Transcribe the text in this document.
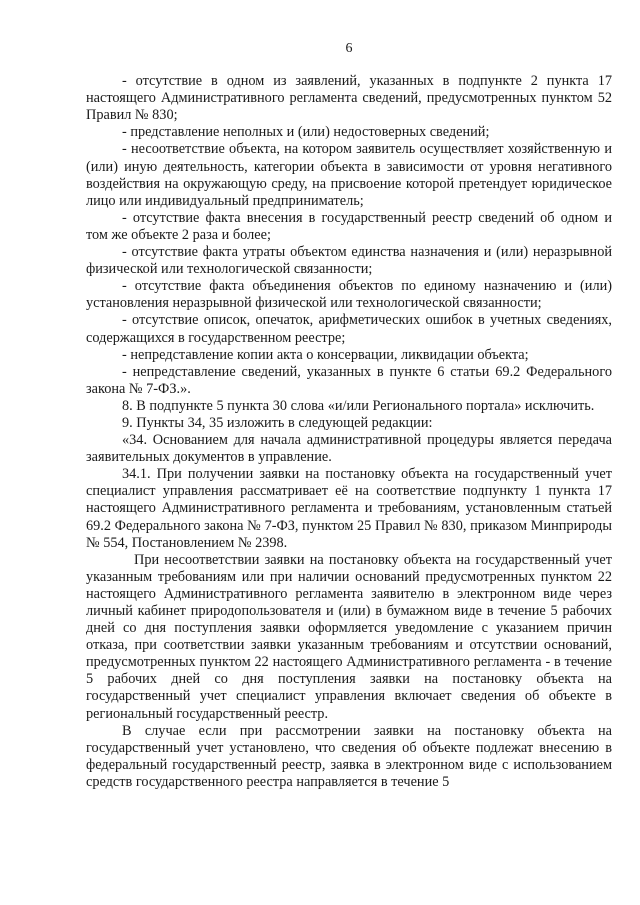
6

- отсутствие в одном из заявлений, указанных в подпункте 2 пункта 17 настоящего Административного регламента сведений, предусмотренных пунктом 52 Правил № 830;

- представление неполных и (или) недостоверных сведений;

- несоответствие объекта, на котором заявитель осуществляет хозяйственную и (или) иную деятельность, категории объекта в зависимости от уровня негативного воздействия на окружающую среду, на присвоение которой претендует юридическое лицо или индивидуальный предприниматель;

- отсутствие факта внесения в государственный реестр сведений об одном и том же объекте 2 раза и более;

- отсутствие факта утраты объектом единства назначения и (или) неразрывной физической или технологической связанности;

- отсутствие факта объединения объектов по единому назначению и (или) установления неразрывной физической или технологической связанности;

- отсутствие описок, опечаток, арифметических ошибок в учетных сведениях, содержащихся в государственном реестре;

- непредставление копии акта о консервации, ликвидации объекта;

- непредставление сведений, указанных в пункте 6 статьи 69.2 Федерального закона № 7-ФЗ.».

8. В подпункте 5 пункта 30 слова «и/или Регионального портала» исключить.

9. Пункты 34, 35 изложить в следующей редакции:

«34. Основанием для начала административной процедуры является передача заявительных документов в управление.

34.1. При получении заявки на постановку объекта на государственный учет специалист управления рассматривает её на соответствие подпункту 1 пункта 17 настоящего Административного регламента и требованиям, установленным статьей 69.2 Федерального закона № 7-ФЗ, пунктом 25 Правил № 830, приказом Минприроды № 554, Постановлением № 2398.

При несоответствии заявки на постановку объекта на государственный учет указанным требованиям или при наличии оснований предусмотренных пунктом 22 настоящего Административного регламента заявителю в электронном виде через личный кабинет природопользователя и (или) в бумажном виде в течение 5 рабочих дней со дня поступления заявки оформляется уведомление с указанием причин отказа, при соответствии заявки указанным требованиям и отсутствии оснований, предусмотренных пунктом 22 настоящего Административного регламента - в течение 5 рабочих дней со дня поступления заявки на постановку объекта на государственный учет специалист управления включает сведения об объекте в региональный государственный реестр.

В случае если при рассмотрении заявки на постановку объекта на государственный учет установлено, что сведения об объекте подлежат внесению в федеральный государственный реестр, заявка в электронном виде с использованием средств государственного реестра направляется в течение 5
